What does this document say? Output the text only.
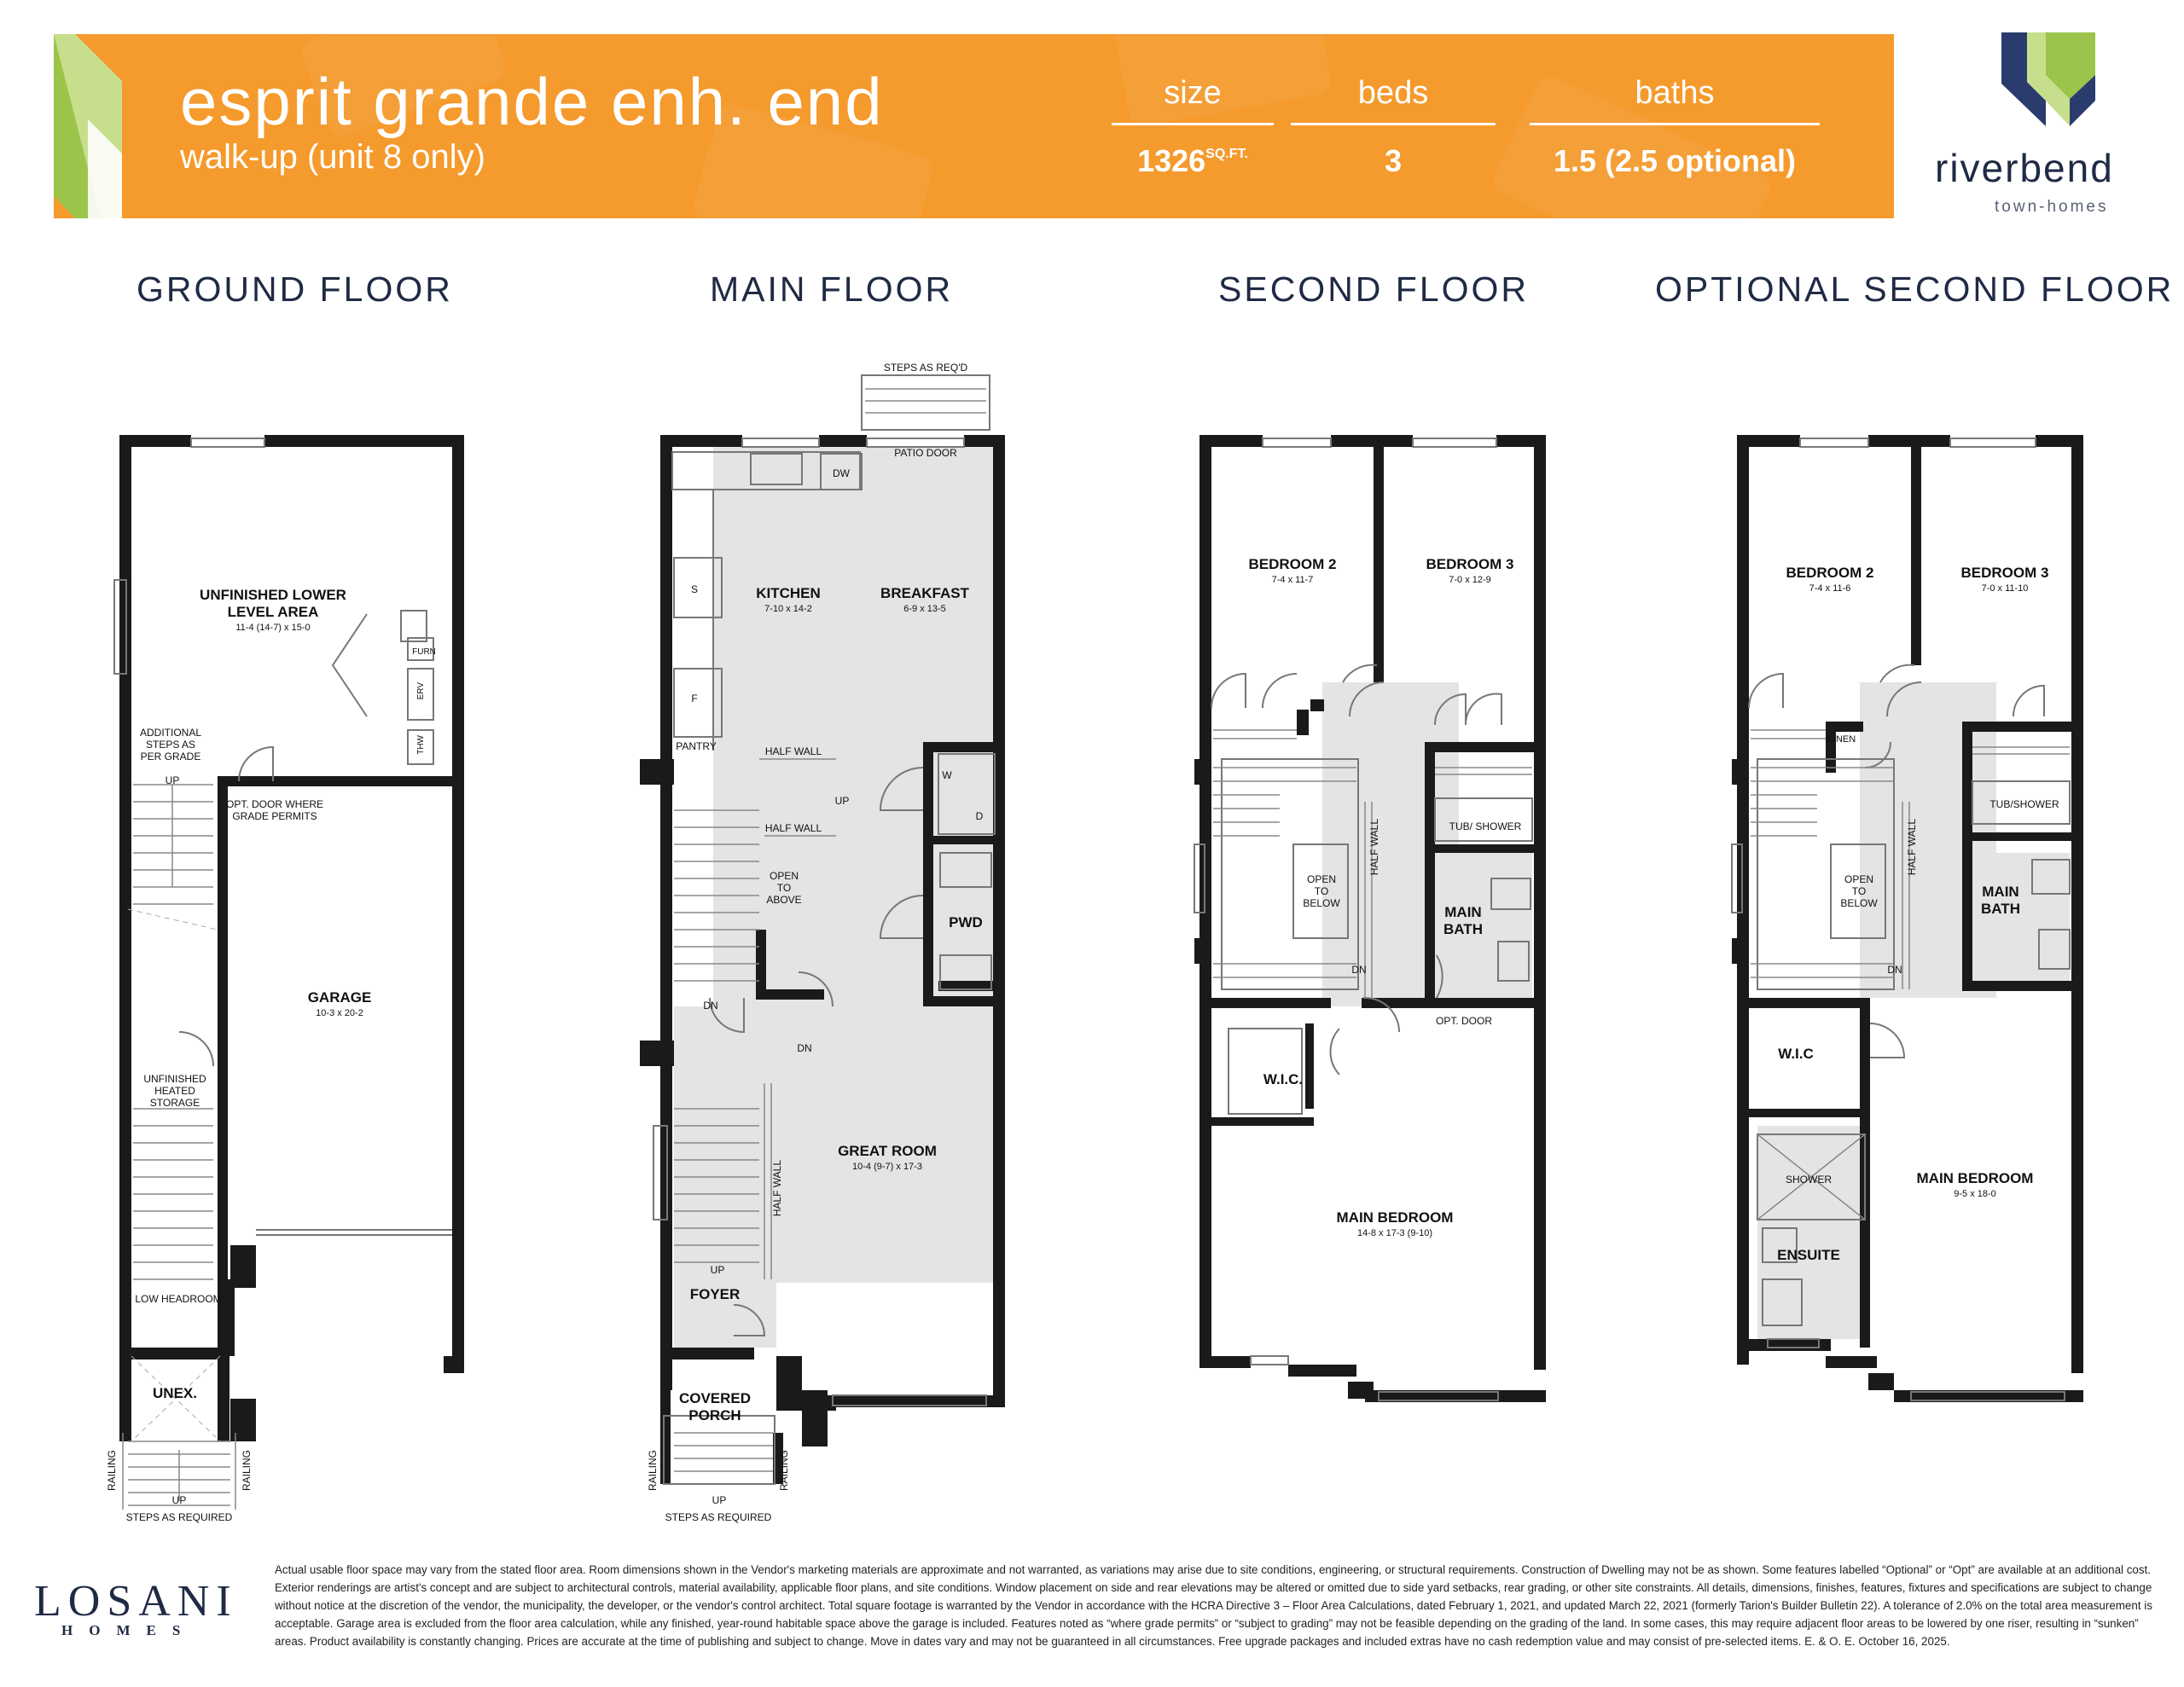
esprit grande enh. end
walk-up (unit 8 only)
size
$1326^{SQ.FT.}$
beds
3
baths
1.5 (2.5 optional)	riverbend
town-homes
GROUND FLOOR	MAIN FLOOR	SECOND FLOOR	OPTIONAL SECOND FLOOR
UNFINISHED LOWER
LEVEL AREA
11-4 (14-7) x 15-0
GARAGE
10-3 x 20-2
UNEX.
FURN
ERV
THW
ADDITIONAL
STEPS AS
PER GRADE
UP
OPT. DOOR WHERE
GRADE PERMITS
UNFINISHED
HEATED
STORAGE
LOW HEADROOM
RAILING	RAILING
UP
STEPS AS REQUIRED
KITCHEN
7-10 x 14-2
BREAKFAST
6-9 x 13-5
PWD
GREAT ROOM
10-4 (9-7) x 17-3
FOYER
COVERED
PORCH
STEPS AS REQ'D
PATIO DOOR
DW
S
F
W
D
PANTRY	HALF WALL
HALF WALL
HALF WALL
UP
OPEN
TO
ABOVE
DN
DN
UP
RAILING	RAILING
UP
STEPS AS REQUIRED
BEDROOM 2
7-4 x 11-7
BEDROOM 3
7-0 x 12-9
MAIN
BATH
W.I.C.
MAIN BEDROOM
14-8 x 17-3 (9-10)
TUB/ SHOWER
OPEN
TO
BELOW
HALF WALL
DN
OPT. DOOR
BEDROOM 2
7-4 x 11-6
BEDROOM 3
7-0 x 11-10
MAIN
BATH
W.I.C
MAIN BEDROOM
9-5 x 18-0
ENSUITE
LINEN
TUB/SHOWER
OPEN
TO
BELOW
HALF WALL
DN
SHOWER
LOSANI
HOMES
Actual usable floor space may vary from the stated floor area. Room dimensions shown in the Vendor's marketing materials are approximate and not warranted, as variations may arise due to site conditions, engineering, or structural requirements. Construction of Dwelling may not be as shown. Some features labelled “Optional” or “Opt” are available at an additional cost. Exterior renderings are artist's concept and are subject to architectural controls, material availability, applicable floor plans, and site conditions. Window placement on side and rear elevations may be altered or omitted due to side yard setbacks, rear grading, or other site constraints. All details, dimensions, finishes, features, fixtures and specifications are subject to change without notice at the discretion of the vendor, the municipality, the developer, or the vendor's control architect. Total square footage is warranted by the Vendor in accordance with the HCRA Directive 3 – Floor Area Calculations, dated February 1, 2021, and updated March 22, 2021 (formerly Tarion's Builder Bulletin 22). A tolerance of 2.0% on the total area measurement is acceptable. Garage area is excluded from the floor area calculation, while any finished, year-round habitable space above the garage is included. Features noted as “where grade permits” or “subject to grading” may not be feasible depending on the grading of the land. In some cases, this may require adjacent floor areas to be lowered by one riser, resulting in “sunken” areas. Product availability is constantly changing. Prices are accurate at the time of publishing and subject to change. Move in dates vary and may not be guaranteed in all circumstances. Free upgrade packages and included extras have no cash redemption value and may consist of pre-selected items. E. & O. E. October 16, 2025.
